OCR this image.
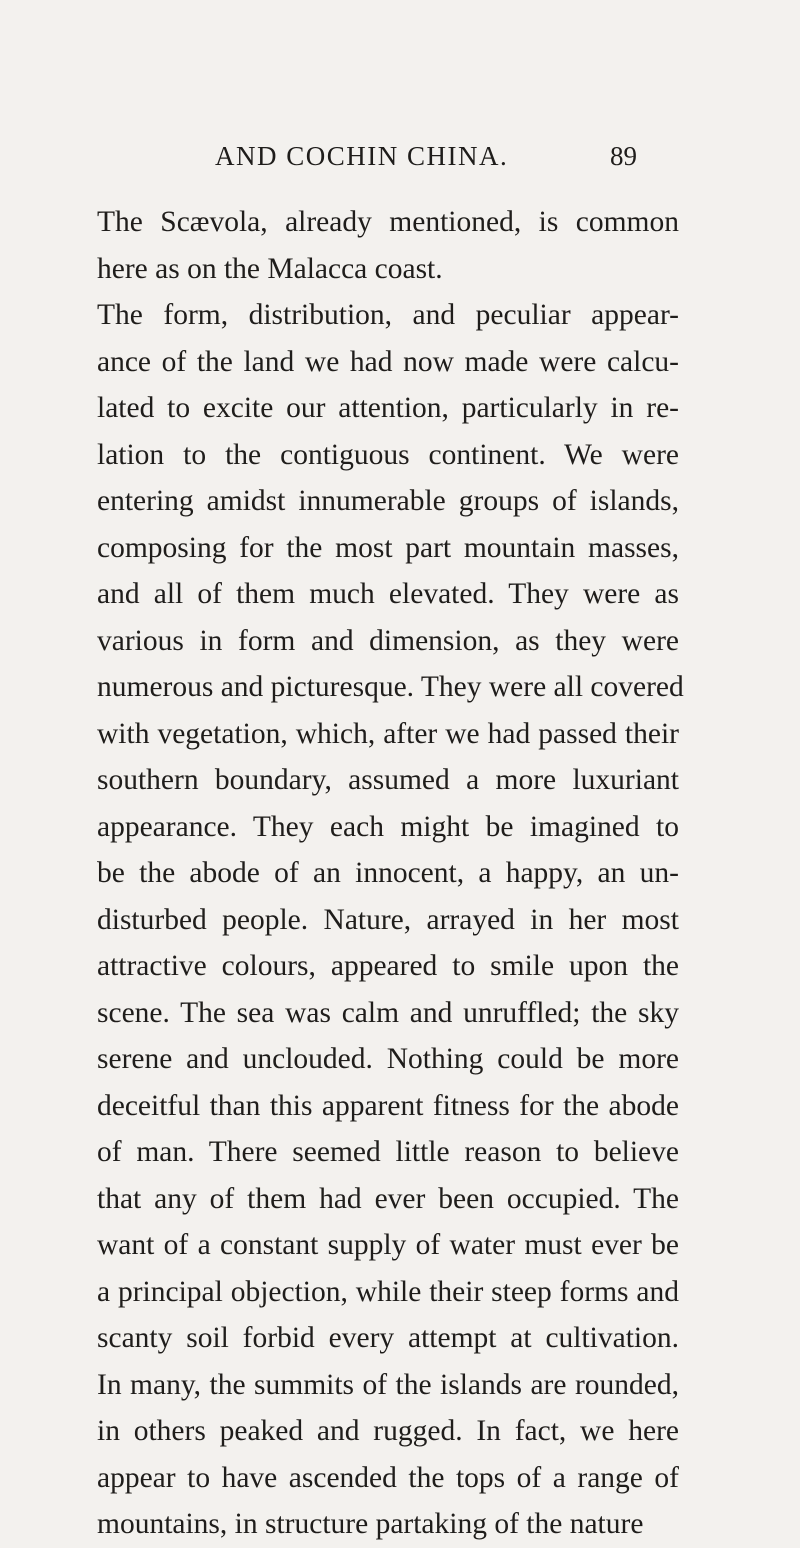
AND COCHIN CHINA.	89
The Scævola, already mentioned, is common
here as on the Malacca coast.
The form, distribution, and peculiar appear-
ance of the land we had now made were calcu-
lated to excite our attention, particularly in re-
lation to the contiguous continent. We were
entering amidst innumerable groups of islands,
composing for the most part mountain masses,
and all of them much elevated. They were as
various in form and dimension, as they were
numerous and picturesque. They were all covered
with vegetation, which, after we had passed their
southern boundary, assumed a more luxuriant
appearance. They each might be imagined to
be the abode of an innocent, a happy, an un-
disturbed people. Nature, arrayed in her most
attractive colours, appeared to smile upon the
scene. The sea was calm and unruffled; the sky
serene and unclouded. Nothing could be more
deceitful than this apparent fitness for the abode
of man. There seemed little reason to believe
that any of them had ever been occupied. The
want of a constant supply of water must ever be
a principal objection, while their steep forms and
scanty soil forbid every attempt at cultivation.
In many, the summits of the islands are rounded,
in others peaked and rugged. In fact, we here
appear to have ascended the tops of a range of
mountains, in structure partaking of the nature
